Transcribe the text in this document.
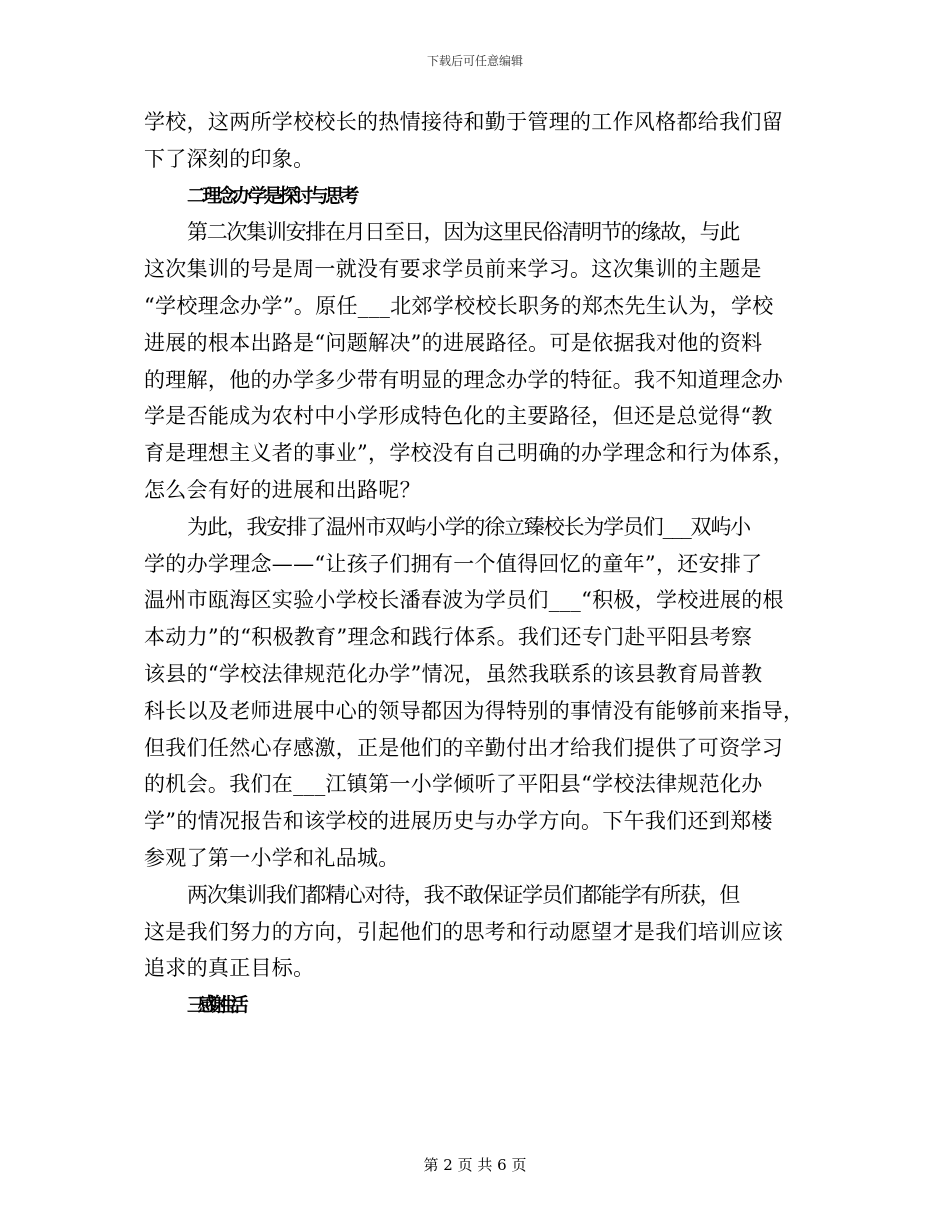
下载后可任意编辑
学校，这两所学校校长的热情接待和勤于管理的工作风格都给我们留
下了深刻的印象。
二理念办学是探讨与思考
第二次集训安排在月日至日，因为这里民俗清明节的缘故，与此
这次集训的号是周一就没有要求学员前来学习。这次集训的主题是
“学校理念办学”。原任___北郊学校校长职务的郑杰先生认为，学校
进展的根本出路是“问题解决”的进展路径。可是依据我对他的资料
的理解，他的办学多少带有明显的理念办学的特征。我不知道理念办
学是否能成为农村中小学形成特色化的主要路径，但还是总觉得“教
育是理想主义者的事业”，学校没有自己明确的办学理念和行为体系，
怎么会有好的进展和出路呢？
为此，我安排了温州市双屿小学的徐立臻校长为学员们___双屿小
学的办学理念——“让孩子们拥有一个值得回忆的童年”，还安排了
温州市瓯海区实验小学校长潘春波为学员们___“积极，学校进展的根
本动力”的“积极教育”理念和践行体系。我们还专门赴平阳县考察
该县的“学校法律规范化办学”情况，虽然我联系的该县教育局普教
科长以及老师进展中心的领导都因为得特别的事情没有能够前来指导，
但我们任然心存感激，正是他们的辛勤付出才给我们提供了可资学习
的机会。我们在___江镇第一小学倾听了平阳县“学校法律规范化办
学”的情况报告和该学校的进展历史与办学方向。下午我们还到郑楼
参观了第一小学和礼品城。
两次集训我们都精心对待，我不敢保证学员们都能学有所获，但
这是我们努力的方向，引起他们的思考和行动愿望才是我们培训应该
追求的真正目标。
三感谢生活
第 2 页 共 6 页
